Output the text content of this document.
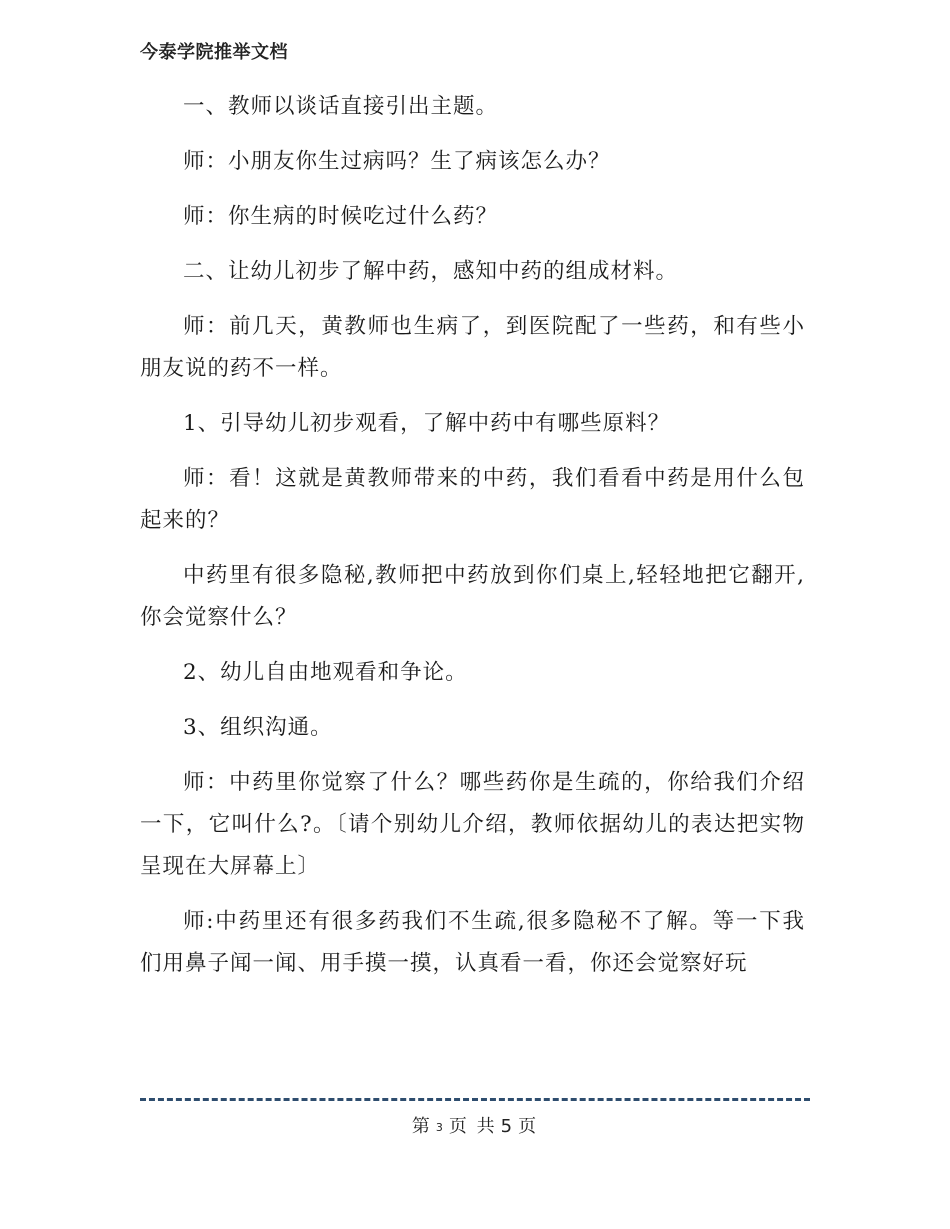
今泰学院推举文档

一、教师以谈话直接引出主题。

师：小朋友你生过病吗？生了病该怎么办？

师：你生病的时候吃过什么药？

二、让幼儿初步了解中药，感知中药的组成材料。

师：前几天，黄教师也生病了，到医院配了一些药，和有些小朋友说的药不一样。

1、引导幼儿初步观看，了解中药中有哪些原料？

师：看！这就是黄教师带来的中药，我们看看中药是用什么包起来的？

中药里有很多隐秘,教师把中药放到你们桌上,轻轻地把它翻开,你会觉察什么？

2、幼儿自由地观看和争论。

3、组织沟通。

师：中药里你觉察了什么？哪些药你是生疏的，你给我们介绍一下，它叫什么?。〔请个别幼儿介绍，教师依据幼儿的表达把实物呈现在大屏幕上〕

师:中药里还有很多药我们不生疏,很多隐秘不了解。等一下我们用鼻子闻一闻、用手摸一摸，认真看一看，你还会觉察好玩

第 3 页 共 5 页
